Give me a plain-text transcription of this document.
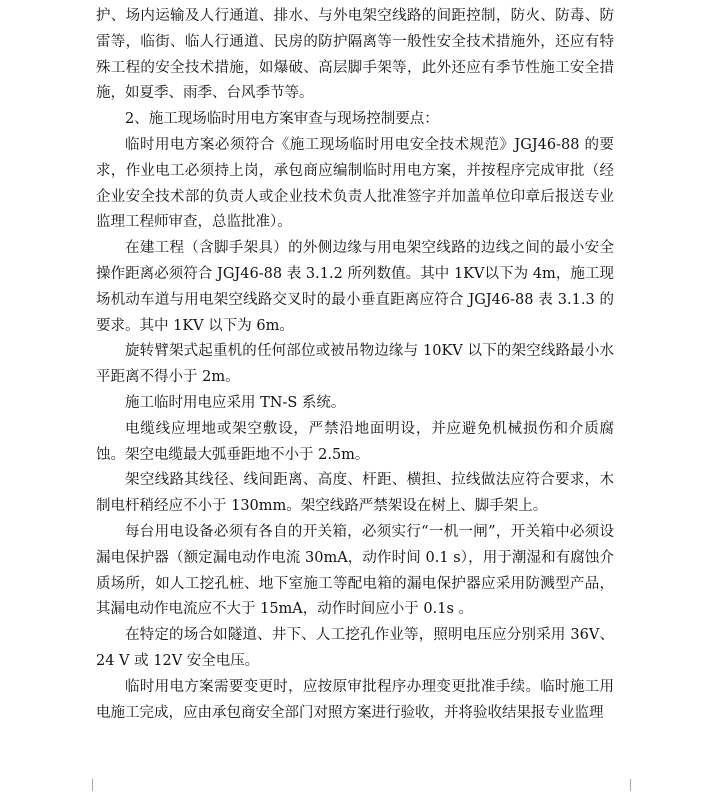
护、场内运输及人行通道、排水、与外电架空线路的间距控制，防火、防毒、防雷等，临街、临人行通道、民房的防护隔离等一般性安全技术措施外，还应有特殊工程的安全技术措施，如爆破、高层脚手架等，此外还应有季节性施工安全措施，如夏季、雨季、台风季节等。

2、施工现场临时用电方案审查与现场控制要点：

临时用电方案必须符合《施工现场临时用电安全技术规范》JGJ46-88 的要求，作业电工必须持上岗，承包商应编制临时用电方案，并按程序完成审批（经企业安全技术部的负责人或企业技术负责人批准签字并加盖单位印章后报送专业监理工程师审查，总监批准）。

在建工程（含脚手架具）的外侧边缘与用电架空线路的边线之间的最小安全操作距离必须符合 JGJ46-88 表 3.1.2 所列数值。其中 1KV以下为 4m，施工现场机动车道与用电架空线路交叉时的最小垂直距离应符合 JGJ46-88 表 3.1.3 的要求。其中 1KV 以下为 6m。

旋转臂架式起重机的任何部位或被吊物边缘与 10KV 以下的架空线路最小水平距离不得小于 2m。

施工临时用电应采用 TN-S 系统。

电缆线应埋地或架空敷设，严禁沿地面明设，并应避免机械损伤和介质腐蚀。架空电缆最大弧垂距地不小于 2.5m。

架空线路其线径、线间距离、高度、杆距、横担、拉线做法应符合要求，木制电杆稍经应不小于 130mm。架空线路严禁架设在树上、脚手架上。

每台用电设备必须有各自的开关箱，必须实行“一机一闸”，开关箱中必须设漏电保护器（额定漏电动作电流 30mA，动作时间 0.1 s），用于潮湿和有腐蚀介质场所，如人工挖孔桩、地下室施工等配电箱的漏电保护器应采用防溅型产品，其漏电动作电流应不大于 15mA，动作时间应小于 0.1s 。

在特定的场合如隧道、井下、人工挖孔作业等，照明电压应分别采用 36V、24 V 或 12V 安全电压。

临时用电方案需要变更时，应按原审批程序办理变更批准手续。临时施工用电施工完成，应由承包商安全部门对照方案进行验收，并将验收结果报专业监理
